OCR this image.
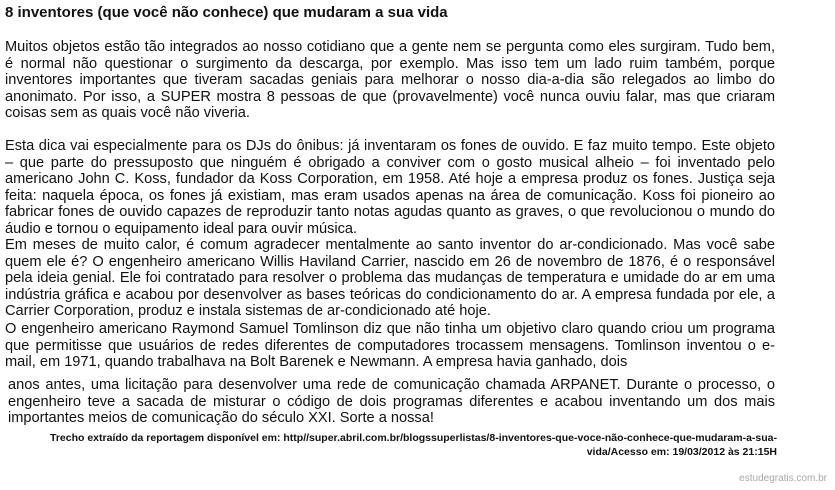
8 inventores (que você não conhece) que mudaram a sua vida

Muitos objetos estão tão integrados ao nosso cotidiano que a gente nem se pergunta como eles surgiram. Tudo bem, é normal não questionar o surgimento da descarga, por exemplo. Mas isso tem um lado ruim também, porque inventores importantes que tiveram sacadas geniais para melhorar o nosso dia-a-dia são relegados ao limbo do anonimato. Por isso, a SUPER mostra 8 pessoas de que (provavelmente) você nunca ouviu falar, mas que criaram coisas sem as quais você não viveria.

Esta dica vai especialmente para os DJs do ônibus: já inventaram os fones de ouvido. E faz muito tempo. Este objeto – que parte do pressuposto que ninguém é obrigado a conviver com o gosto musical alheio – foi inventado pelo americano John C. Koss, fundador da Koss Corporation, em 1958. Até hoje a empresa produz os fones. Justiça seja feita: naquela época, os fones já existiam, mas eram usados apenas na área de comunicação. Koss foi pioneiro ao fabricar fones de ouvido capazes de reproduzir tanto notas agudas quanto as graves, o que revolucionou o mundo do áudio e tornou o equipamento ideal para ouvir música.

Em meses de muito calor, é comum agradecer mentalmente ao santo inventor do ar-condicionado. Mas você sabe quem ele é? O engenheiro americano Willis Haviland Carrier, nascido em 26 de novembro de 1876, é o responsável pela ideia genial. Ele foi contratado para resolver o problema das mudanças de temperatura e umidade do ar em uma indústria gráfica e acabou por desenvolver as bases teóricas do condicionamento do ar. A empresa fundada por ele, a Carrier Corporation, produz e instala sistemas de ar-condicionado até hoje.

O engenheiro americano Raymond Samuel Tomlinson diz que não tinha um objetivo claro quando criou um programa que permitisse que usuários de redes diferentes de computadores trocassem mensagens. Tomlinson inventou o e-mail, em 1971, quando trabalhava na Bolt Barenek e Newmann. A empresa havia ganhado, dois

anos antes, uma licitação para desenvolver uma rede de comunicação chamada ARPANET. Durante o processo, o engenheiro teve a sacada de misturar o código de dois programas diferentes e acabou inventando um dos mais importantes meios de comunicação do século XXI. Sorte a nossa!

Trecho extraído da reportagem disponível em: http//super.abril.com.br/blogssuperlistas/8-inventores-que-voce-não-conhece-que-mudaram-a-sua-vida/Acesso em: 19/03/2012 às 21:15H
estudegratis.com.br
